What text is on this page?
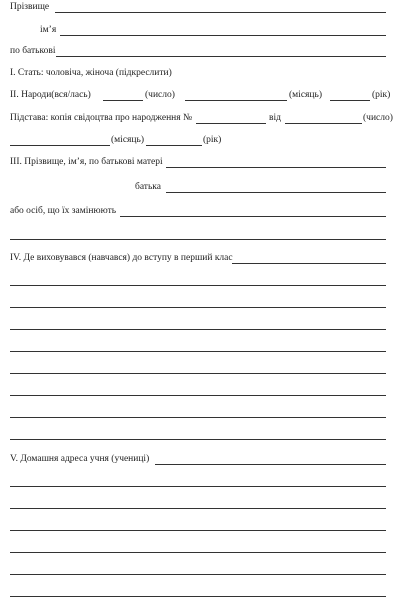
Прізвище
ім’я
по батькові
I. Стать: чоловіча, жіноча (підкреслити)
II. Народи(вся/лась)	(число)	(місяць)	(рік)
Підстава: копія свідоцтва про народження №	від	(число)
(місяць)	(рік)
III. Прізвище, ім’я, по батькові матері
батька
або осіб, що їх замінюють
IV. Де виховувався (навчався) до вступу в перший клас
V. Домашня адреса учня (учениці)
